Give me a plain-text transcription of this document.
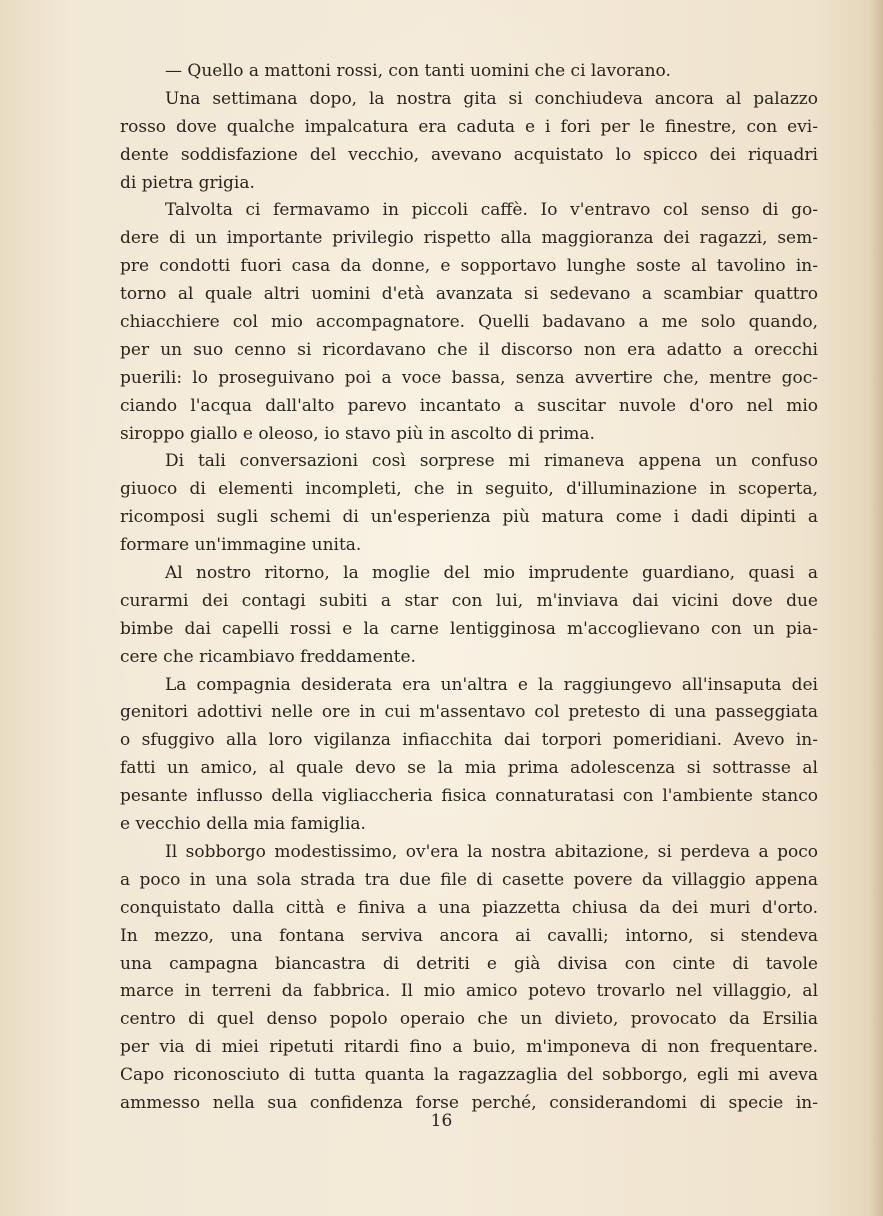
— Quello a mattoni rossi, con tanti uomini che ci lavorano.
Una settimana dopo, la nostra gita si conchiudeva ancora al palazzo
rosso dove qualche impalcatura era caduta e i fori per le finestre, con evi-
dente soddisfazione del vecchio, avevano acquistato lo spicco dei riquadri
di pietra grigia.
Talvolta ci fermavamo in piccoli caffè. Io v'entravo col senso di go-
dere di un importante privilegio rispetto alla maggioranza dei ragazzi, sem-
pre condotti fuori casa da donne, e sopportavo lunghe soste al tavolino in-
torno al quale altri uomini d'età avanzata si sedevano a scambiar quattro
chiacchiere col mio accompagnatore. Quelli badavano a me solo quando,
per un suo cenno si ricordavano che il discorso non era adatto a orecchi
puerili: lo proseguivano poi a voce bassa, senza avvertire che, mentre goc-
ciando l'acqua dall'alto parevo incantato a suscitar nuvole d'oro nel mio
siroppo giallo e oleoso, io stavo più in ascolto di prima.
Di tali conversazioni così sorprese mi rimaneva appena un confuso
giuoco di elementi incompleti, che in seguito, d'illuminazione in scoperta,
ricomposi sugli schemi di un'esperienza più matura come i dadi dipinti a
formare un'immagine unita.
Al nostro ritorno, la moglie del mio imprudente guardiano, quasi a
curarmi dei contagi subiti a star con lui, m'inviava dai vicini dove due
bimbe dai capelli rossi e la carne lentigginosa m'accoglievano con un pia-
cere che ricambiavo freddamente.
La compagnia desiderata era un'altra e la raggiungevo all'insaputa dei
genitori adottivi nelle ore in cui m'assentavo col pretesto di una passeggiata
o sfuggivo alla loro vigilanza infiacchita dai torpori pomeridiani. Avevo in-
fatti un amico, al quale devo se la mia prima adolescenza si sottrasse al
pesante influsso della vigliaccheria fisica connaturatasi con l'ambiente stanco
e vecchio della mia famiglia.
Il sobborgo modestissimo, ov'era la nostra abitazione, si perdeva a poco
a poco in una sola strada tra due file di casette povere da villaggio appena
conquistato dalla città e finiva a una piazzetta chiusa da dei muri d'orto.
In mezzo, una fontana serviva ancora ai cavalli; intorno, si stendeva
una campagna biancastra di detriti e già divisa con cinte di tavole
marce in terreni da fabbrica. Il mio amico potevo trovarlo nel villaggio, al
centro di quel denso popolo operaio che un divieto, provocato da Ersilia
per via di miei ripetuti ritardi fino a buio, m'imponeva di non frequentare.
Capo riconosciuto di tutta quanta la ragazzaglia del sobborgo, egli mi aveva
ammesso nella sua confidenza forse perché, considerandomi di specie in-
16
